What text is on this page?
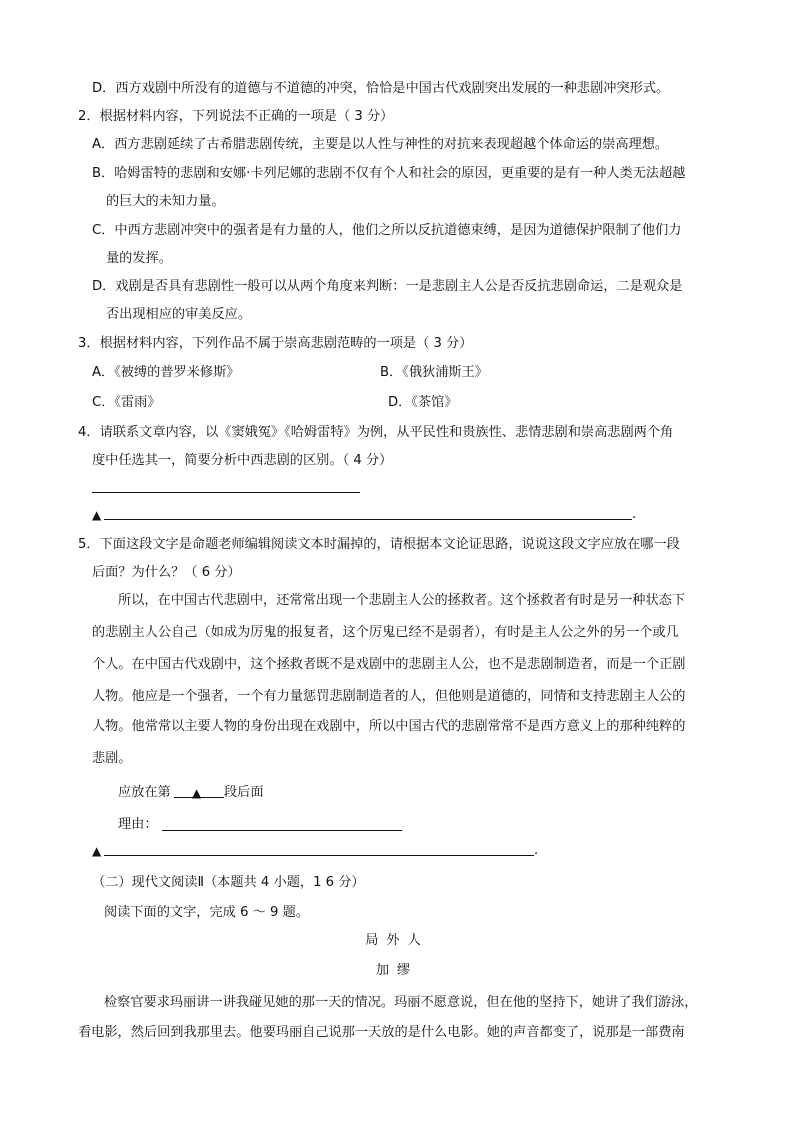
D．西方戏剧中所没有的道德与不道德的冲突，恰恰是中国古代戏剧突出发展的一种悲剧冲突形式。
2．根据材料内容，下列说法不正确的一项是（ 3 分）
A．西方悲剧延续了古希腊悲剧传统，主要是以人性与神性的对抗来表现超越个体命运的崇高理想。
B．哈姆雷特的悲剧和安娜·卡列尼娜的悲剧不仅有个人和社会的原因，更重要的是有一种人类无法超越
的巨大的未知力量。
C．中西方悲剧冲突中的强者是有力量的人，他们之所以反抗道德束缚，是因为道德保护限制了他们力
量的发挥。
D．戏剧是否具有悲剧性一般可以从两个角度来判断：一是悲剧主人公是否反抗悲剧命运，二是观众是
否出现相应的审美反应。
3．根据材料内容，下列作品不属于崇高悲剧范畴的一项是（ 3 分）
A．《被缚的普罗米修斯》	B．《俄狄浦斯王》
C．《雷雨》	D．《茶馆》
4．请联系文章内容，以《窦娥冤》《哈姆雷特》为例，从平民性和贵族性、悲情悲剧和崇高悲剧两个角
度中任选其一，简要分析中西悲剧的区别。（ 4 分）
▲	.
5．下面这段文字是命题老师编辑阅读文本时漏掉的，请根据本文论证思路，说说这段文字应放在哪一段
后面？为什么？（ 6 分）
所以，在中国古代悲剧中，还常常出现一个悲剧主人公的拯救者。这个拯救者有时是另一种状态下
的悲剧主人公自己（如成为厉鬼的报复者，这个厉鬼已经不是弱者），有时是主人公之外的另一个或几
个人。在中国古代戏剧中，这个拯救者既不是戏剧中的悲剧主人公，也不是悲剧制造者，而是一个正剧
人物。他应是一个强者，一个有力量惩罚悲剧制造者的人，但他则是道德的，同情和支持悲剧主人公的
人物。他常常以主要人物的身份出现在戏剧中，所以中国古代的悲剧常常不是西方意义上的那种纯粹的
悲剧。
应放在第 ▲ 段后面
理由：
▲	.
（二）现代文阅读Ⅱ（本题共 4 小题，1 6 分）
阅读下面的文字，完成 6 ～ 9 题。
局外人
加缪
检察官要求玛丽讲一讲我碰见她的那一天的情况。玛丽不愿意说，但在他的坚持下，她讲了我们游泳，
看电影，然后回到我那里去。他要玛丽自己说那一天放的是什么电影。她的声音都变了，说那是一部费南
